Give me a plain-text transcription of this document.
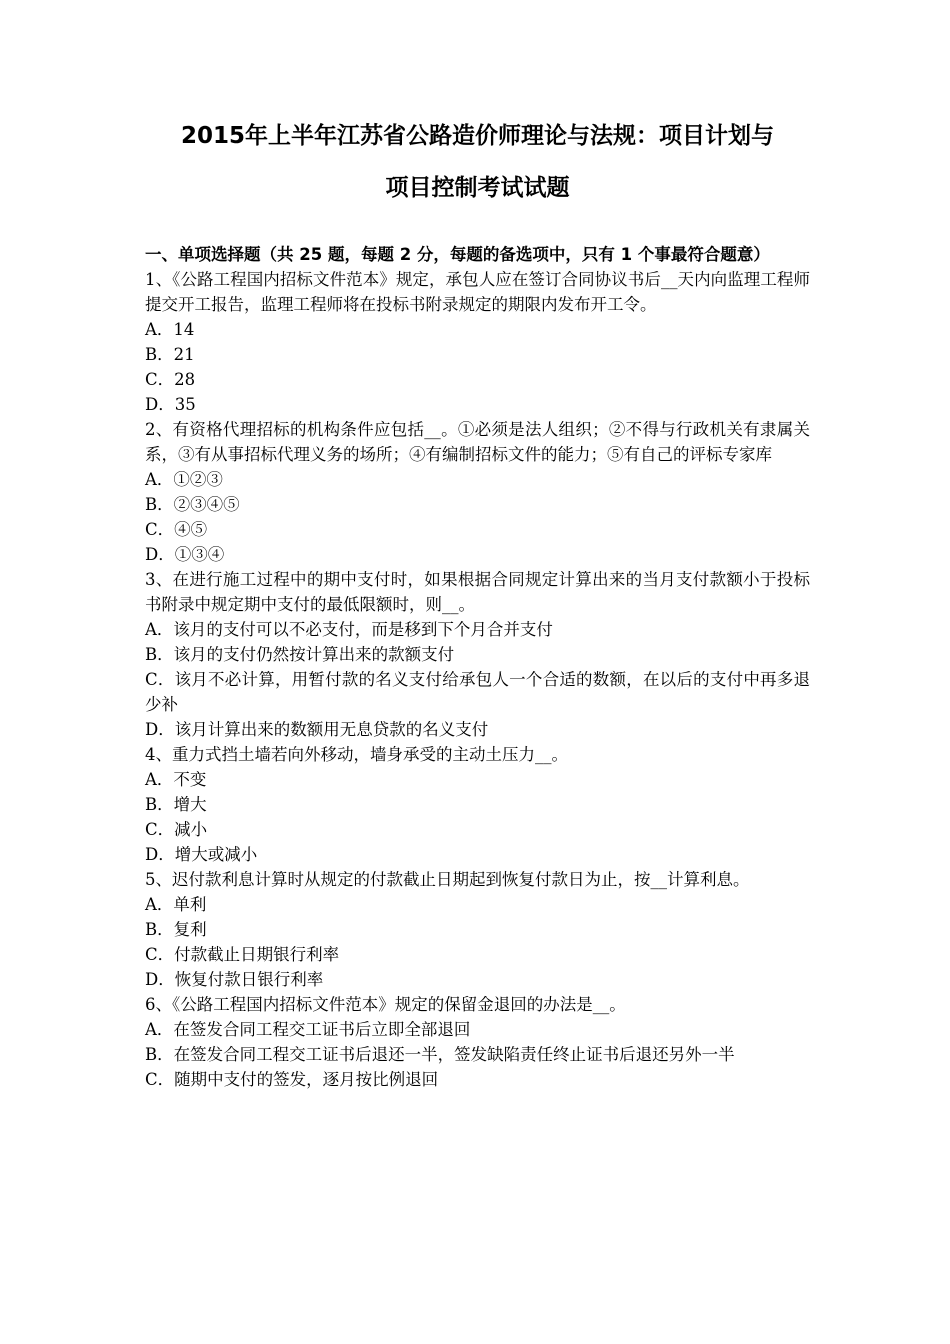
2015年上半年江苏省公路造价师理论与法规：项目计划与
项目控制考试试题
一、单项选择题（共 25 题，每题 2 分，每题的备选项中，只有 1 个事最符合题意）

1、《公路工程国内招标文件范本》规定，承包人应在签订合同协议书后__天内向监理工程师提交开工报告，监理工程师将在投标书附录规定的期限内发布开工令。

A．14
B．21
C．28
D．35

2、有资格代理招标的机构条件应包括__。①必须是法人组织；②不得与行政机关有隶属关系，③有从事招标代理义务的场所；④有编制招标文件的能力；⑤有自己的评标专家库

A．①②③
B．②③④⑤
C．④⑤
D．①③④

3、在进行施工过程中的期中支付时，如果根据合同规定计算出来的当月支付款额小于投标书附录中规定期中支付的最低限额时，则__。

A．该月的支付可以不必支付，而是移到下个月合并支付
B．该月的支付仍然按计算出来的款额支付
C．该月不必计算，用暂付款的名义支付给承包人一个合适的数额，在以后的支付中再多退少补
D．该月计算出来的数额用无息贷款的名义支付

4、重力式挡土墙若向外移动，墙身承受的主动土压力__。

A．不变
B．增大
C．减小
D．增大或减小

5、迟付款利息计算时从规定的付款截止日期起到恢复付款日为止，按__计算利息。

A．单利
B．复利
C．付款截止日期银行利率
D．恢复付款日银行利率

6、《公路工程国内招标文件范本》规定的保留金退回的办法是__。

A．在签发合同工程交工证书后立即全部退回
B．在签发合同工程交工证书后退还一半，签发缺陷责任终止证书后退还另外一半
C．随期中支付的签发，逐月按比例退回
